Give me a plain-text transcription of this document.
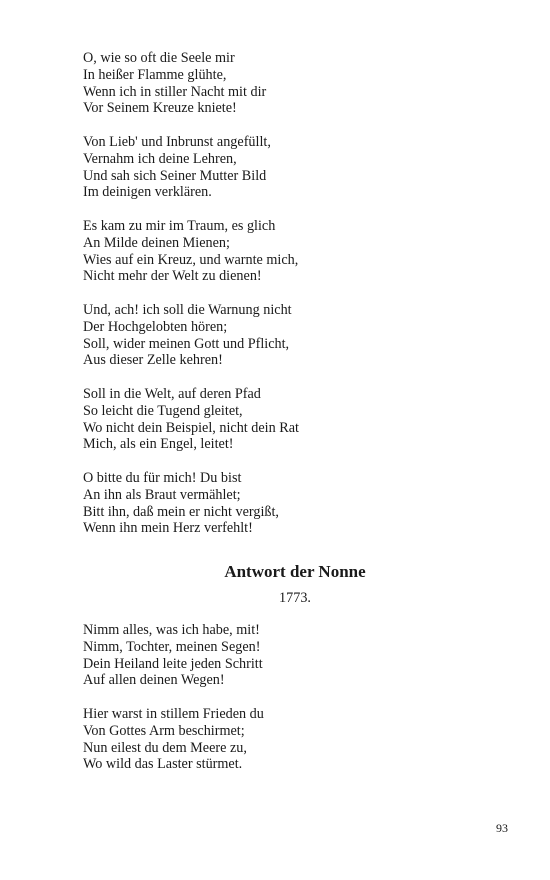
O, wie so oft die Seele mir
In heißer Flamme glühte,
Wenn ich in stiller Nacht mit dir
Vor Seinem Kreuze kniete!
Von Lieb' und Inbrunst angefüllt,
Vernahm ich deine Lehren,
Und sah sich Seiner Mutter Bild
Im deinigen verklären.
Es kam zu mir im Traum, es glich
An Milde deinen Mienen;
Wies auf ein Kreuz, und warnte mich,
Nicht mehr der Welt zu dienen!
Und, ach! ich soll die Warnung nicht
Der Hochgelobten hören;
Soll, wider meinen Gott und Pflicht,
Aus dieser Zelle kehren!
Soll in die Welt, auf deren Pfad
So leicht die Tugend gleitet,
Wo nicht dein Beispiel, nicht dein Rat
Mich, als ein Engel, leitet!
O bitte du für mich! Du bist
An ihn als Braut vermählet;
Bitt ihn, daß mein er nicht vergißt,
Wenn ihn mein Herz verfehlt!
Antwort der Nonne
1773.
Nimm alles, was ich habe, mit!
Nimm, Tochter, meinen Segen!
Dein Heiland leite jeden Schritt
Auf allen deinen Wegen!
Hier warst in stillem Frieden du
Von Gottes Arm beschirmet;
Nun eilest du dem Meere zu,
Wo wild das Laster stürmet.
93
